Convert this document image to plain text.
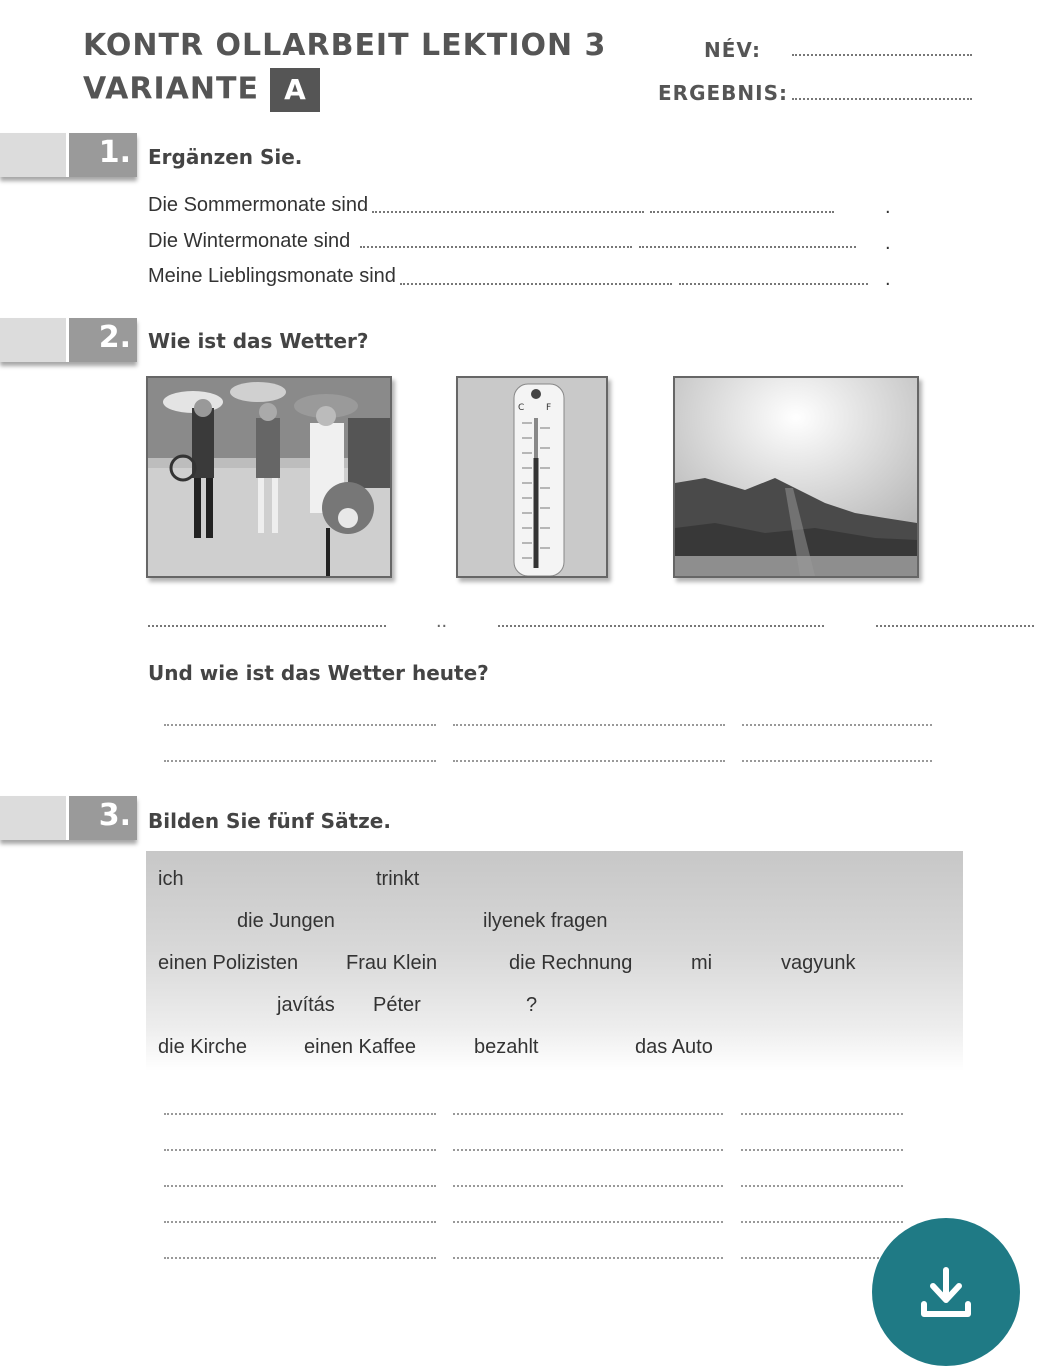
KONTR OLLARBEIT LEKTION 3
VARIANTE A
NÉV:
ERGEBNIS:
1. Ergänzen Sie.
Die Sommermonate sind	.
Die Wintermonate sind	.
Meine Lieblingsmonate sind	.
2. Wie ist das Wetter?
C F
..
Und wie ist das Wetter heute?
3. Bilden Sie fünf Sätze.
ich	trinkt
die Jungen	ilyenek fragen
einen Polizisten Frau Klein	die Rechnung	mi	vagyunk
javítás Péter	?
die Kirche	einen Kaffee	bezahlt	das Auto
